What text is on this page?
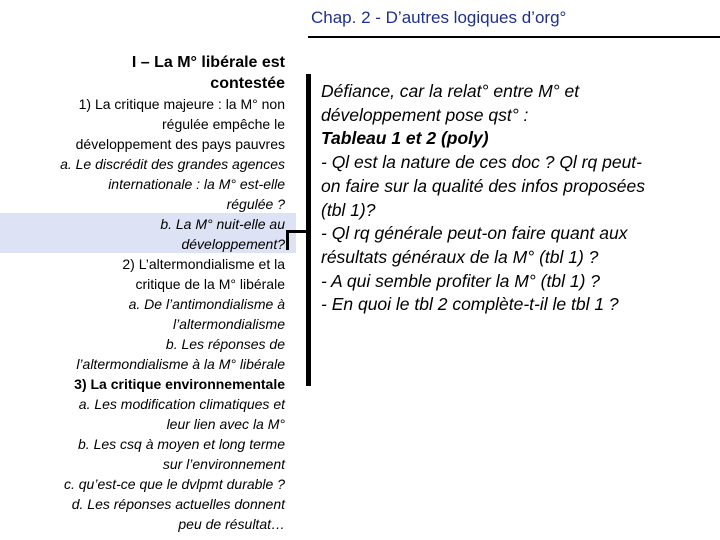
Chap. 2 - D’autres logiques d’org°
I – La M° libérale est
contestée
1) La critique majeure : la M° non
régulée empêche le
développement des pays pauvres
a. Le discrédit des grandes agences
internationale : la M° est-elle
régulée ?
b. La M° nuit-elle au
développement?
2) L’altermondialisme et la
critique de la M° libérale
a. De l’antimondialisme à
l’altermondialisme
b. Les réponses de
l’altermondialisme à la M° libérale
3) La critique environnementale
a. Les modification climatiques et
leur lien avec la M°
b. Les csq à moyen et long terme
sur l’environnement
c. qu’est-ce que le dvlpmt durable ?
d. Les réponses actuelles donnent
peu de résultat…
Défiance, car la relat° entre M° et
développement pose qst° :
Tableau 1 et 2 (poly)
- Ql est la nature de ces doc ? Ql rq peut-
on faire sur la qualité des infos proposées
(tbl 1)?
- Ql rq générale peut-on faire quant aux
résultats généraux de la M° (tbl 1) ?
- A qui semble profiter la M° (tbl 1) ?
- En quoi le tbl 2 complète-t-il le tbl 1 ?
